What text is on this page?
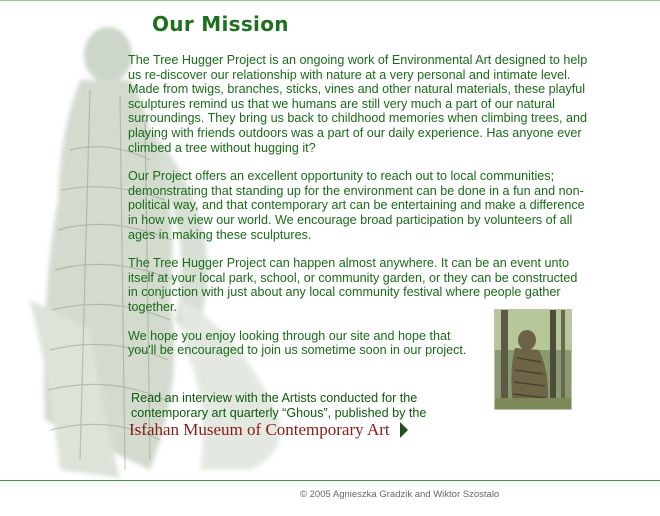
Our Mission

The Tree Hugger Project is an ongoing work of Environmental Art designed to help us re-discover our relationship with nature at a very personal and intimate level. Made from twigs, branches, sticks, vines and other natural materials, these playful sculptures remind us that we humans are still very much a part of our natural surroundings. They bring us back to childhood memories when climbing trees, and playing with friends outdoors was a part of our daily experience. Has anyone ever climbed a tree without hugging it?

Our Project offers an excellent opportunity to reach out to local communities; demonstrating that standing up for the environment can be done in a fun and non-political way, and that contemporary art can be entertaining and make a difference in how we view our world. We encourage broad participation by volunteers of all ages in making these sculptures.

The Tree Hugger Project can happen almost anywhere. It can be an event unto itself at your local park, school, or community garden, or they can be constructed in conjuction with just about any local community festival where people gather together.

We hope you enjoy looking through our site and hope that you'll be encouraged to join us sometime soon in our project.

Read an interview with the Artists conducted for the contemporary art quarterly “Ghous”, published by the
Isfahan Museum of Contemporary Art
© 2005 Agnieszka Gradzik and Wiktor Szostalo
